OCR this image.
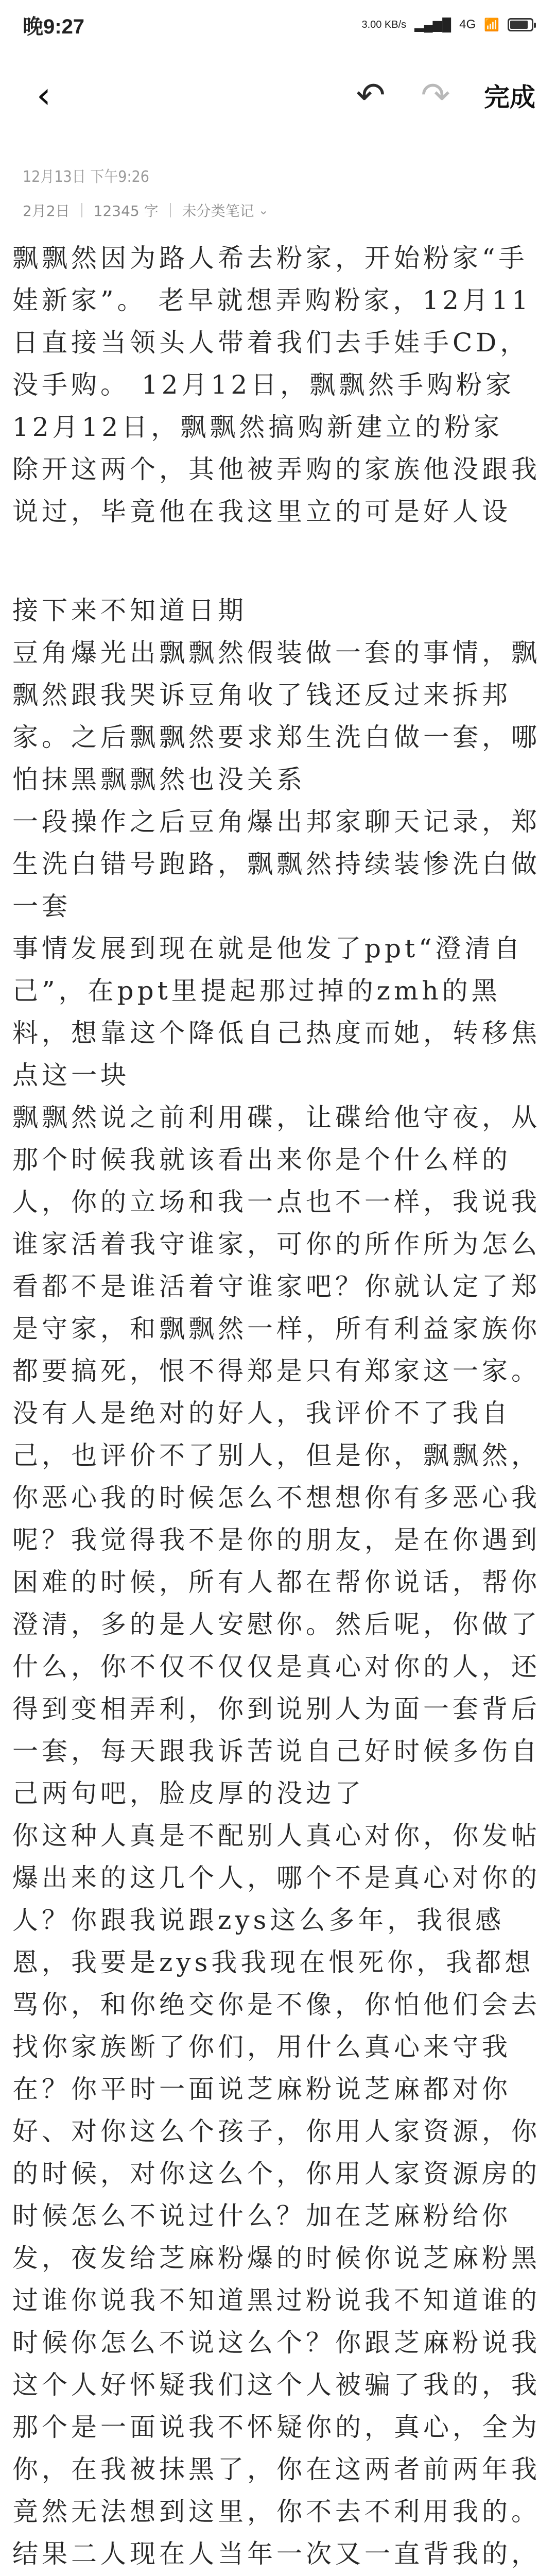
晚9:27	3.00 KB/s ▂▄▆█ 4G 📶
‹	↶ ↷ 完成
12月13日 下午9:26
2月2日 12345 字 未分类笔记 ⌄

飘飘然因为路人希去粉家，开始粉家“手娃新家”。 老早就想弄购粉家，12月11日直接当领头人带着我们去手娃手CD，没手购。 12月12日，飘飘然手购粉家

12月12日，飘飘然搞购新建立的粉家

除开这两个，其他被弄购的家族他没跟我说过，毕竟他在我这里立的可是好人设

接下来不知道日期

豆角爆光出飘飘然假装做一套的事情，飘飘然跟我哭诉豆角收了钱还反过来拆邦家。之后飘飘然要求郑生洗白做一套，哪怕抹黑飘飘然也没关系

一段操作之后豆角爆出邦家聊天记录，郑生洗白错号跑路，飘飘然持续装惨洗白做一套

事情发展到现在就是他发了ppt“澄清自己”，在ppt里提起那过掉的zmh的黑料，想靠这个降低自己热度而她，转移焦点这一块

飘飘然说之前利用碟，让碟给他守夜，从那个时候我就该看出来你是个什么样的人，你的立场和我一点也不一样，我说我谁家活着我守谁家，可你的所作所为怎么看都不是谁活着守谁家吧？你就认定了郑是守家，和飘飘然一样，所有利益家族你都要搞死，恨不得郑是只有郑家这一家。

没有人是绝对的好人，我评价不了我自己，也评价不了别人，但是你，飘飘然，你恶心我的时候怎么不想想你有多恶心我呢？我觉得我不是你的朋友，是在你遇到困难的时候，所有人都在帮你说话，帮你澄清，多的是人安慰你。然后呢，你做了什么，你不仅不仅仅是真心对你的人，还得到变相弄利，你到说别人为面一套背后一套，每天跟我诉苦说自己好时候多伤自己两句吧，脸皮厚的没边了

你这种人真是不配别人真心对你，你发帖爆出来的这几个人，哪个不是真心对你的人？你跟我说跟zys这么多年，我很感恩，我要是zys我我现在恨死你，我都想骂你，和你绝交你是不像，你怕他们会去找你家族断了你们，用什么真心来守我在？你平时一面说芝麻粉说芝麻都对你好、对你这么个孩子，你用人家资源，你的时候，对你这么个，你用人家资源房的时候怎么不说过什么？加在芝麻粉给你发，夜发给芝麻粉爆的时候你说芝麻粉黑过谁你说我不知道黑过粉说我不知道谁的时候你怎么不说这么个？你跟芝麻粉说我这个人好怀疑我们这个人被骗了我的，我那个是一面说我不怀疑你的，真心，全为你，在我被抹黑了，你在这两者前两年我竟然无法想到这里，你不去不利用我的。结果二人现在人当年一次又一直背我的，
